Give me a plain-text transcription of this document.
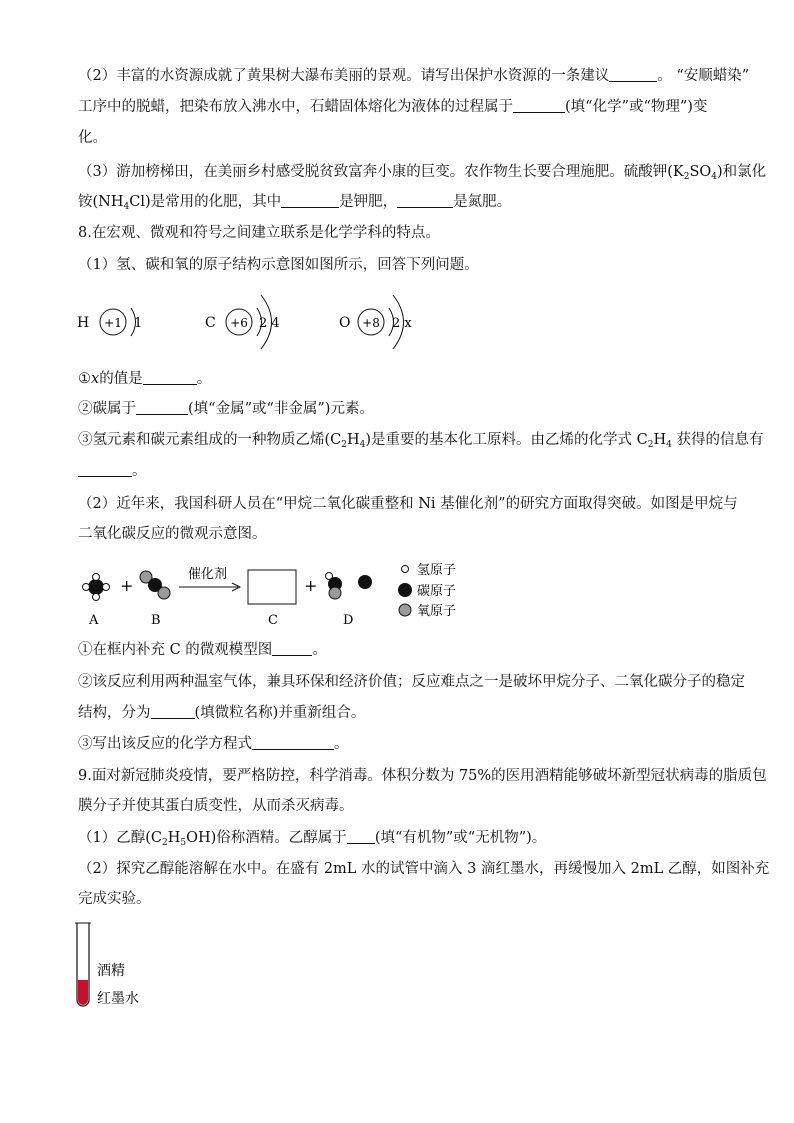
（2）丰富的水资源成就了黄果树大瀑布美丽的景观。请写出保护水资源的一条建议	。 “安顺蜡染”
工序中的脱蜡，把染布放入沸水中，石蜡固体熔化为液体的过程属于	(填“化学”或“物理”)变
化。
（3）游加榜梯田，在美丽乡村感受脱贫致富奔小康的巨变。农作物生长要合理施肥。硫酸钾$(K_2SO_4)$和氯化
铵$(NH_4Cl)$是常用的化肥，其中	是钾肥，	是氮肥。
8.在宏观、微观和符号之间建立联系是化学学科的特点。
（1）氢、碳和氧的原子结构示意图如图所示，回答下列问题。
H +1 1	C +6 2 4	O +8 2 x
①x的值是	。
②碳属于	(填“金属”或“非金属”)元素。
③氢元素和碳元素组成的一种物质乙烯$(C_2H_4)$是重要的基本化工原料。由乙烯的化学式 $C_2H_4$ 获得的信息有
。
（2）近年来，我国科研人员在“甲烷二氧化碳重整和 Ni 基催化剂”的研究方面取得突破。如图是甲烷与
二氧化碳反应的微观示意图。
A
+
B
催化剂
C
+
D
氢原子
碳原子
氧原子
①在框内补充 C 的微观模型图	。
②该反应利用两种温室气体，兼具环保和经济价值；反应难点之一是破坏甲烷分子、二氧化碳分子的稳定
结构，分为	(填微粒名称)并重新组合。
③写出该反应的化学方程式	。
9.面对新冠肺炎疫情，要严格防控，科学消毒。体积分数为 75%的医用酒精能够破坏新型冠状病毒的脂质包
膜分子并使其蛋白质变性，从而杀灭病毒。
（1）乙醇$(C_2H_5OH)$俗称酒精。乙醇属于 (填“有机物”或“无机物”)。
（2）探究乙醇能溶解在水中。在盛有 2mL 水的试管中滴入 3 滴红墨水，再缓慢加入 2mL 乙醇，如图补充
完成实验。
酒精
红墨水
